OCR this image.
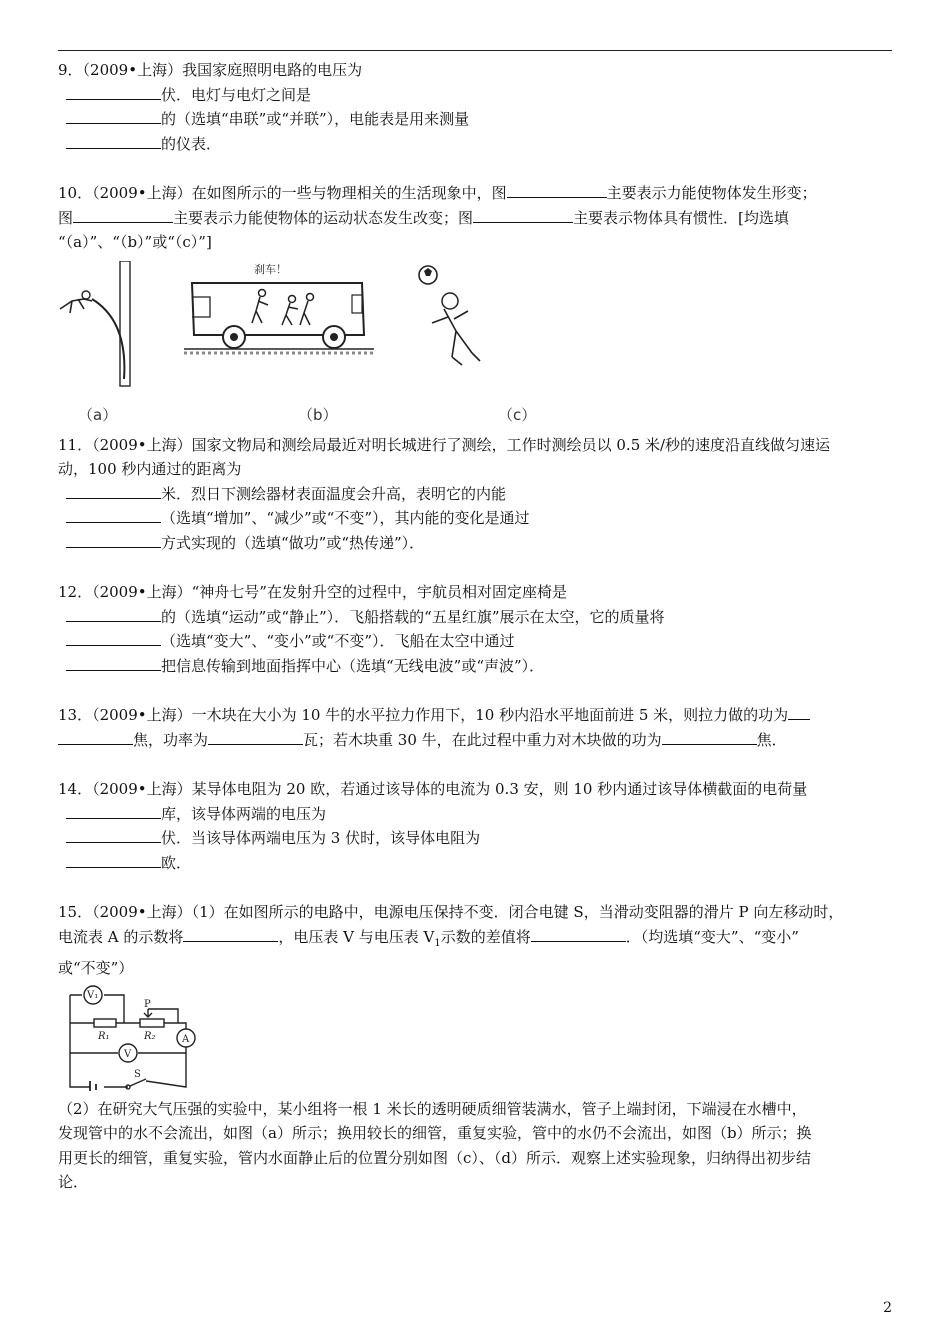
9．（2009•上海）我国家庭照明电路的电压为
伏．电灯与电灯之间是
的（选填“串联”或“并联”），电能表是用来测量
的仪表．
10．（2009•上海）在如图所示的一些与物理相关的生活现象中，图	主要表示力能使物体发生形变；
图	主要表示力能使物体的运动状态发生改变；图	主要表示物体具有惯性．[均选填
“（a）”、“（b）”或“（c）”]
（a）
刹车！
（b）	（c）
11．（2009•上海）国家文物局和测绘局最近对明长城进行了测绘，工作时测绘员以 0.5 米/秒的速度沿直线做匀速运
动，100 秒内通过的距离为
米．烈日下测绘器材表面温度会升高，表明它的内能
（选填“增加”、“减少”或“不变”），其内能的变化是通过
方式实现的（选填“做功”或“热传递”）．
12．（2009•上海）“神舟七号”在发射升空的过程中，宇航员相对固定座椅是
的（选填“运动”或“静止”）．飞船搭载的“五星红旗”展示在太空，它的质量将
（选填“变大”、“变小”或“不变”）．飞船在太空中通过
把信息传输到地面指挥中心（选填“无线电波”或“声波”）．
13．（2009•上海）一木块在大小为 10 牛的水平拉力作用下，10 秒内沿水平地面前进 5 米，则拉力做的功为
焦，功率为	瓦；若木块重 30 牛，在此过程中重力对木块做的功为	焦．
14．（2009•上海）某导体电阻为 20 欧，若通过该导体的电流为 0.3 安，则 10 秒内通过该导体横截面的电荷量
库，该导体两端的电压为
伏．当该导体两端电压为 3 伏时，该导体电阻为
欧．
15．（2009•上海）（1）在如图所示的电路中，电源电压保持不变．闭合电键 S，当滑动变阻器的滑片 P 向左移动时，
电流表 A 的示数将	，电压表 V 与电压表 $V_1$示数的差值将	．（均选填“变大”、“变小”
或“不变”）
V₁
V
A
R₁	R₂
P
S
（2）在研究大气压强的实验中，某小组将一根 1 米长的透明硬质细管装满水，管子上端封闭，下端浸在水槽中，
发现管中的水不会流出，如图（a）所示；换用较长的细管，重复实验，管中的水仍不会流出，如图（b）所示；换
用更长的细管，重复实验，管内水面静止后的位置分别如图（c）、（d）所示．观察上述实验现象，归纳得出初步结
论．
2
